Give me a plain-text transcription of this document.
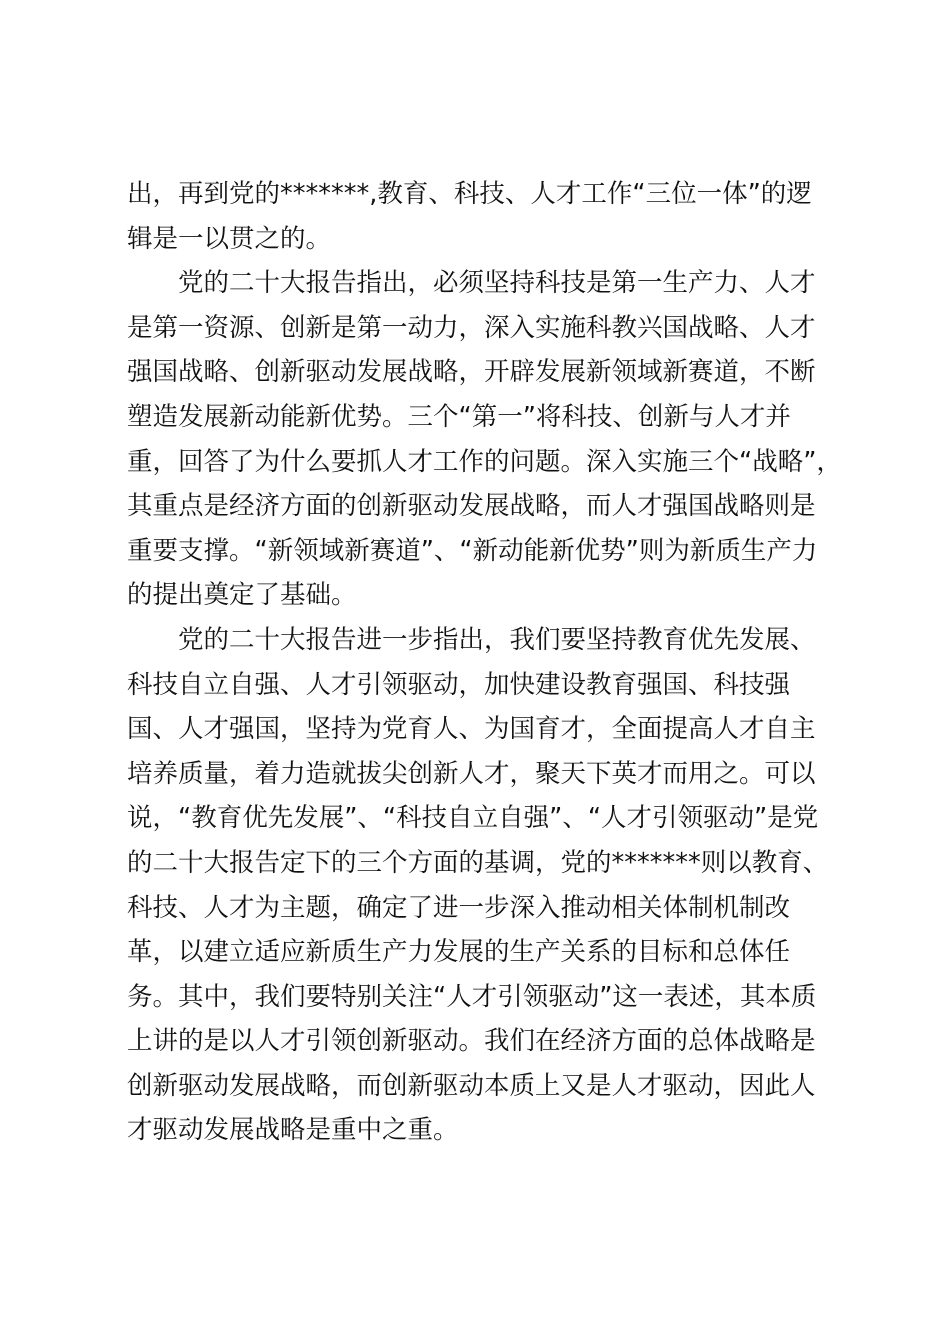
出，再到党的*******,教育、科技、人才工作“三位一体”的逻
辑是一以贯之的。

党的二十大报告指出，必须坚持科技是第一生产力、人才
是第一资源、创新是第一动力，深入实施科教兴国战略、人才
强国战略、创新驱动发展战略，开辟发展新领域新赛道，不断
塑造发展新动能新优势。三个“第一”将科技、创新与人才并
重，回答了为什么要抓人才工作的问题。深入实施三个“战略”，
其重点是经济方面的创新驱动发展战略，而人才强国战略则是
重要支撑。“新领域新赛道”、“新动能新优势”则为新质生产力
的提出奠定了基础。

党的二十大报告进一步指出，我们要坚持教育优先发展、
科技自立自强、人才引领驱动，加快建设教育强国、科技强
国、人才强国，坚持为党育人、为国育才，全面提高人才自主
培养质量，着力造就拔尖创新人才，聚天下英才而用之。可以
说，“教育优先发展”、“科技自立自强”、“人才引领驱动”是党
的二十大报告定下的三个方面的基调，党的*******则以教育、
科技、人才为主题，确定了进一步深入推动相关体制机制改
革，以建立适应新质生产力发展的生产关系的目标和总体任
务。其中，我们要特别关注“人才引领驱动”这一表述，其本质
上讲的是以人才引领创新驱动。我们在经济方面的总体战略是
创新驱动发展战略，而创新驱动本质上又是人才驱动，因此人
才驱动发展战略是重中之重。
